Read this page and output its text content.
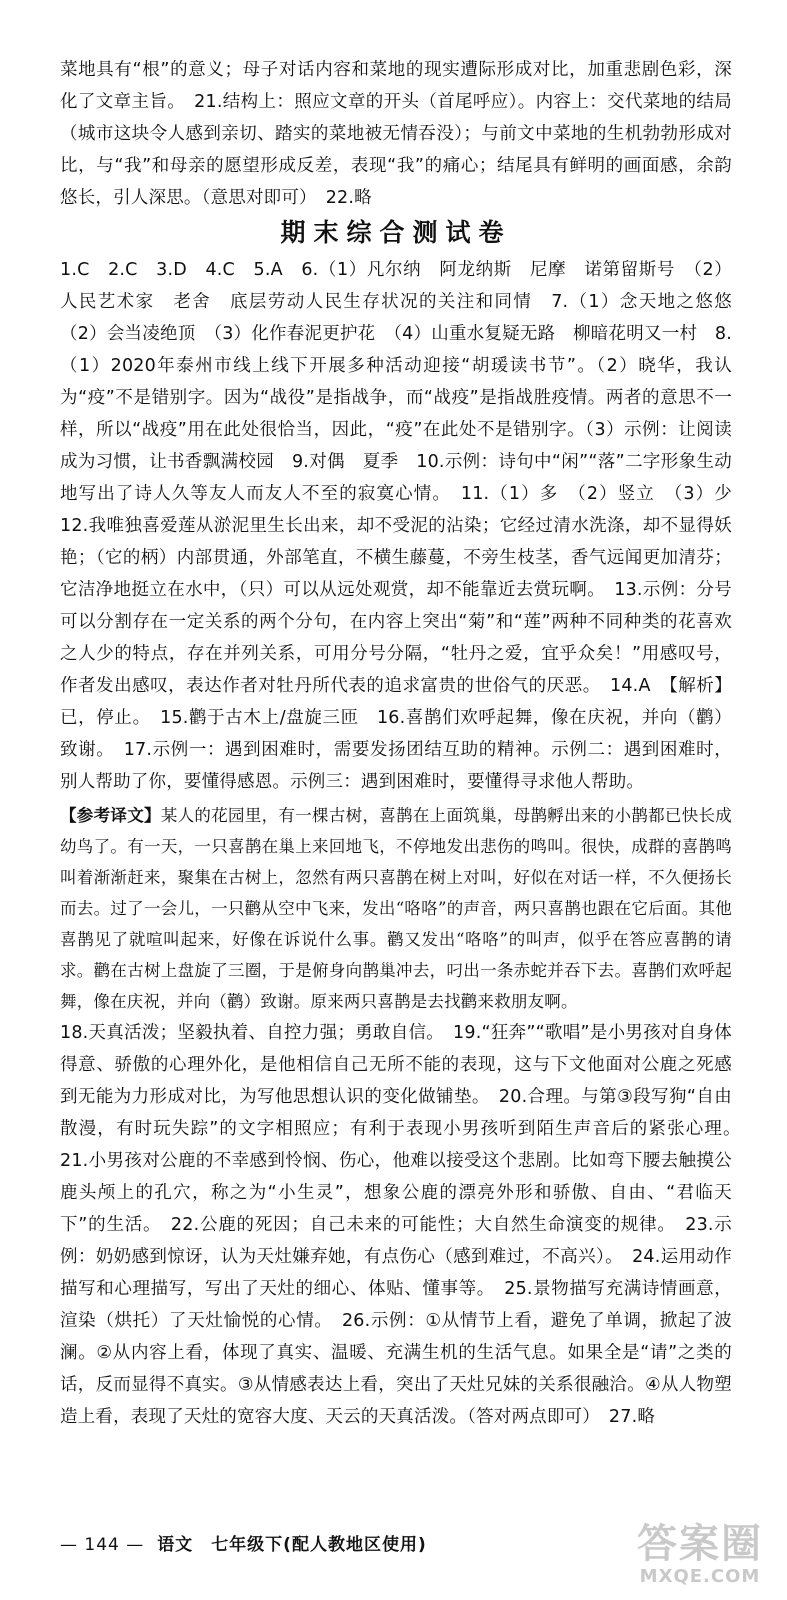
菜地具有“根”的意义；母子对话内容和菜地的现实遭际形成对比，加重悲剧色彩，深化了文章主旨。　21.结构上：照应文章的开头（首尾呼应）。内容上：交代菜地的结局（城市这块令人感到亲切、踏实的菜地被无情吞没）；与前文中菜地的生机勃勃形成对比，与“我”和母亲的愿望形成反差，表现“我”的痛心；结尾具有鲜明的画面感，余韵悠长，引人深思。（意思对即可）　22.略

期末综合测试卷

1.C　2.C　3.D　4.C　5.A　6.（1）凡尔纳　阿龙纳斯　尼摩　诺第留斯号　（2）人民艺术家　老舍　底层劳动人民生存状况的关注和同情　7.（1）念天地之悠悠　（2）会当凌绝顶　（3）化作春泥更护花　（4）山重水复疑无路　柳暗花明又一村　8.（1）2020年泰州市线上线下开展多种活动迎接“胡瑗读书节”。（2）晓华，我认为“疫”不是错别字。因为“战役”是指战争，而“战疫”是指战胜疫情。两者的意思不一样，所以“战疫”用在此处很恰当，因此，“疫”在此处不是错别字。（3）示例：让阅读成为习惯，让书香飘满校园　9.对偶　夏季　10.示例：诗句中“闲”“落”二字形象生动地写出了诗人久等友人而友人不至的寂寞心情。　11.（1）多　（2）竖立　（3）少　12.我唯独喜爱莲从淤泥里生长出来，却不受泥的沾染；它经过清水洗涤，却不显得妖艳；（它的柄）内部贯通，外部笔直，不横生藤蔓，不旁生枝茎，香气远闻更加清芬；它洁净地挺立在水中，（只）可以从远处观赏，却不能靠近去赏玩啊。　13.示例：分号可以分割存在一定关系的两个分句，在内容上突出“菊”和“莲”两种不同种类的花喜欢之人少的特点，存在并列关系，可用分号分隔，“牡丹之爱，宜乎众矣！”用感叹号，作者发出感叹，表达作者对牡丹所代表的追求富贵的世俗气的厌恶。　14.A　【解析】已，停止。　15.鹳于古木上/盘旋三匝　16.喜鹊们欢呼起舞，像在庆祝，并向（鹳）致谢。　17.示例一：遇到困难时，需要发扬团结互助的精神。示例二：遇到困难时，别人帮助了你，要懂得感恩。示例三：遇到困难时，要懂得寻求他人帮助。

【参考译文】某人的花园里，有一棵古树，喜鹊在上面筑巢，母鹊孵出来的小鹊都已快长成幼鸟了。有一天，一只喜鹊在巢上来回地飞，不停地发出悲伤的鸣叫。很快，成群的喜鹊鸣叫着渐渐赶来，聚集在古树上，忽然有两只喜鹊在树上对叫，好似在对话一样，不久便扬长而去。过了一会儿，一只鹳从空中飞来，发出“咯咯”的声音，两只喜鹊也跟在它后面。其他喜鹊见了就喧叫起来，好像在诉说什么事。鹳又发出“咯咯”的叫声，似乎在答应喜鹊的请求。鹳在古树上盘旋了三圈，于是俯身向鹊巢冲去，叼出一条赤蛇并吞下去。喜鹊们欢呼起舞，像在庆祝，并向（鹳）致谢。原来两只喜鹊是去找鹳来救朋友啊。

18.天真活泼；坚毅执着、自控力强；勇敢自信。　19.“狂奔”“歌唱”是小男孩对自身体得意、骄傲的心理外化，是他相信自己无所不能的表现，这与下文他面对公鹿之死感到无能为力形成对比，为写他思想认识的变化做铺垫。　20.合理。与第③段写狗“自由散漫，有时玩失踪”的文字相照应；有利于表现小男孩听到陌生声音后的紧张心理。　21.小男孩对公鹿的不幸感到怜悯、伤心，他难以接受这个悲剧。比如弯下腰去触摸公鹿头颅上的孔穴，称之为“小生灵”，想象公鹿的漂亮外形和骄傲、自由、“君临天下”的生活。　22.公鹿的死因；自己未来的可能性；大自然生命演变的规律。　23.示例：奶奶感到惊讶，认为天灶嫌弃她，有点伤心（感到难过，不高兴）。　24.运用动作描写和心理描写，写出了天灶的细心、体贴、懂事等。　25.景物描写充满诗情画意，渲染（烘托）了天灶愉悦的心情。　26.示例：①从情节上看，避免了单调，掀起了波澜。②从内容上看，体现了真实、温暖、充满生机的生活气息。如果全是“请”之类的话，反而显得不真实。③从情感表达上看，突出了天灶兄妹的关系很融洽。④从人物塑造上看，表现了天灶的宽容大度、天云的天真活泼。（答对两点即可）　27.略

— 144 — 语文　七年级下(配人教地区使用)	答案圈
MXQE.COM
